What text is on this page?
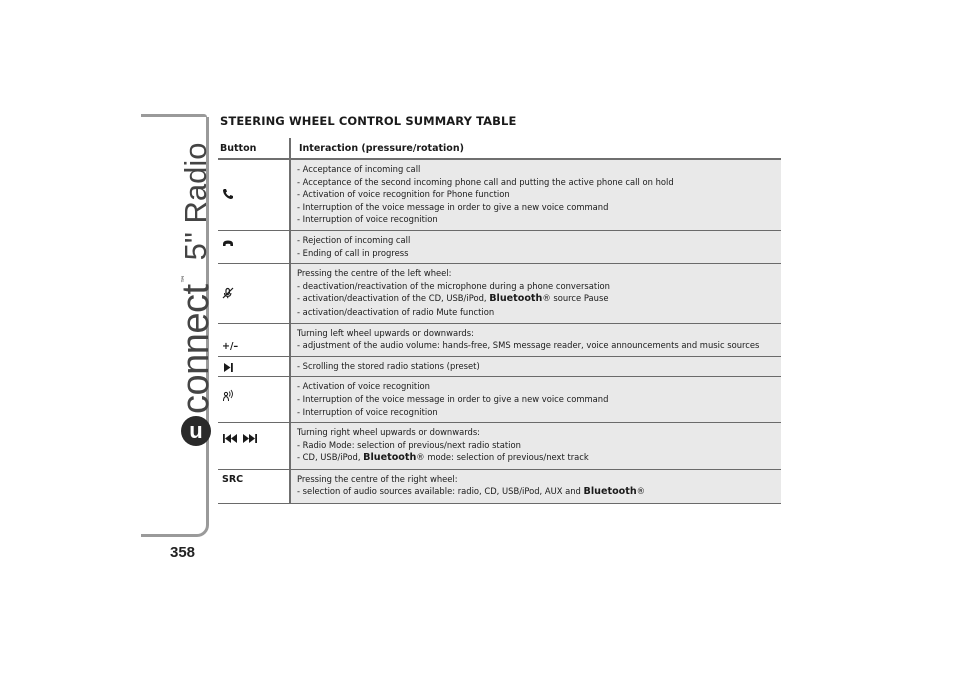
u
connect
™
5" Radio
358
STEERING WHEEL CONTROL SUMMARY TABLE
Button	Interaction (pressure/rotation)
- Acceptance of incoming call
- Acceptance of the second incoming phone call and putting the active phone call on hold
- Activation of voice recognition for Phone function
- Interruption of the voice message in order to give a new voice command
- Interruption of voice recognition
- Rejection of incoming call
- Ending of call in progress
Pressing the centre of the left wheel:
- deactivation/reactivation of the microphone during a phone conversation
- activation/deactivation of the CD, USB/iPod, Bluetooth® source Pause
- activation/deactivation of radio Mute function
+/–
Turning left wheel upwards or downwards:
- adjustment of the audio volume: hands-free, SMS message reader, voice announcements and music sources
- Scrolling the stored radio stations (preset)
- Activation of voice recognition
- Interruption of the voice message in order to give a new voice command
- Interruption of voice recognition
Turning right wheel upwards or downwards:
- Radio Mode: selection of previous/next radio station
- CD, USB/iPod, Bluetooth® mode: selection of previous/next track
SRC	Pressing the centre of the right wheel:
- selection of audio sources available: radio, CD, USB/iPod, AUX and Bluetooth®
